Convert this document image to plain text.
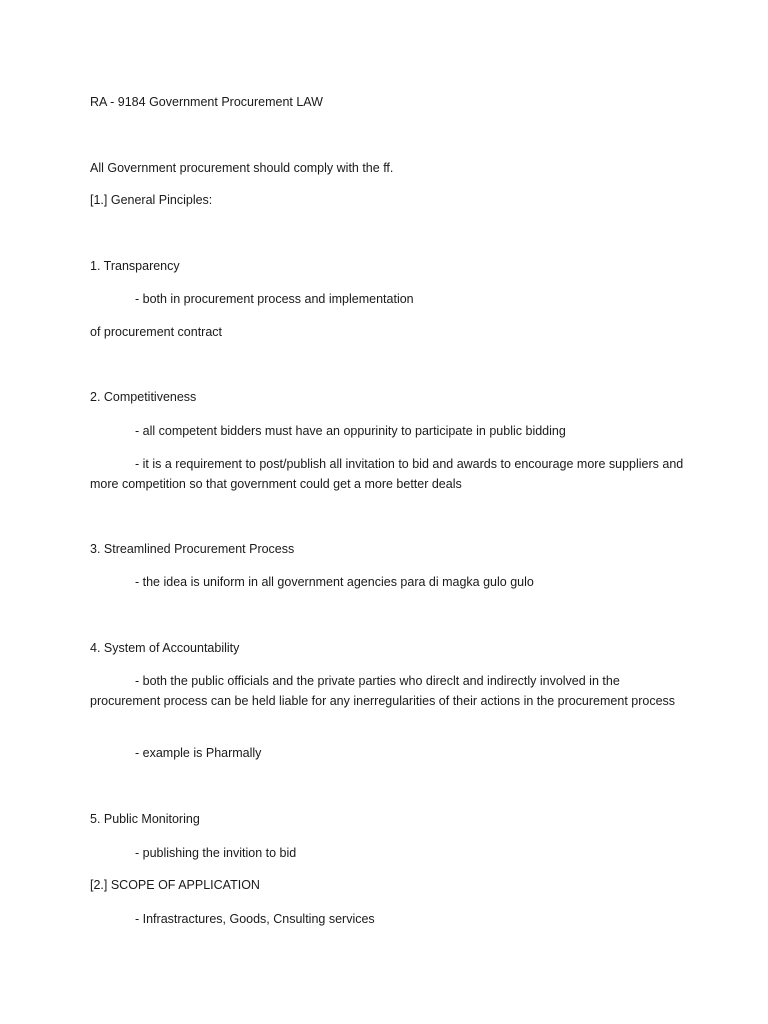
RA - 9184 Government Procurement LAW
All Government procurement should comply with the ff.
[1.] General Pinciples:
1. Transparency
- both in procurement process and implementation
of procurement contract
2. Competitiveness
- all competent bidders must have an oppurinity to participate in public bidding
- it is a requirement to post/publish all invitation to bid and awards to encourage more suppliers and more competition so that government could get a more better deals
3. Streamlined Procurement Process
- the idea is uniform in all government agencies para di magka gulo gulo
4. System of Accountability
- both the public officials and the private parties who direclt and indirectly involved in the procurement process can be held liable for any inerregularities of their actions in the procurement process
- example is Pharmally
5. Public Monitoring
- publishing the invition to bid
[2.] SCOPE OF APPLICATION
- Infrastractures, Goods, Cnsulting services
